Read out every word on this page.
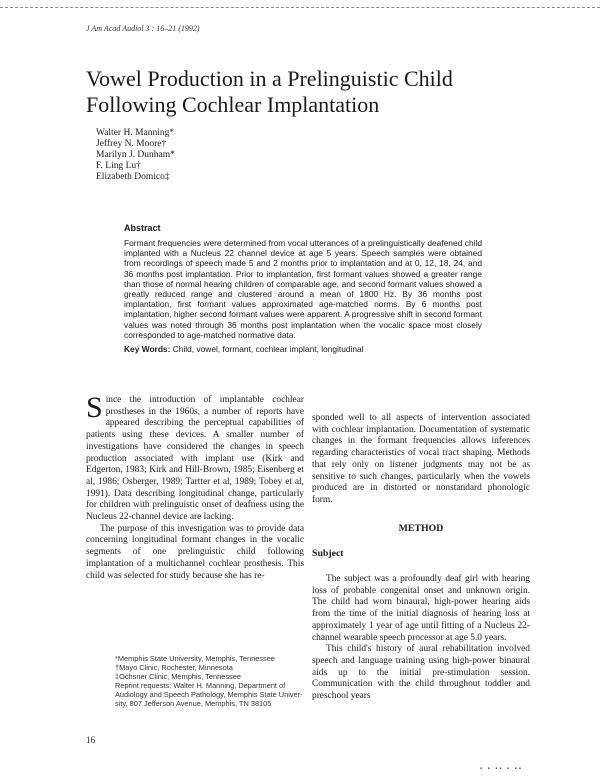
J Am Acad Audiol 3 : 16–21 (1992)
Vowel Production in a Prelinguistic Child Following Cochlear Implantation
Walter H. Manning*
Jeffrey N. Moore†
Marilyn J. Dunham*
F. Ling Lu†
Elizabeth Domico‡
Abstract
Formant frequencies were determined from vocal utterances of a prelinguistically deafened child implanted with a Nucleus 22 channel device at age 5 years. Speech samples were obtained from recordings of speech made 5 and 2 months prior to implantation and at 0, 12, 18, 24, and 36 months post implantation. Prior to implantation, first formant values showed a greater range than those of normal hearing children of comparable age, and second formant values showed a greatly reduced range and clustered around a mean of 1800 Hz. By 36 months post implantation, first formant values approximated age-matched norms. By 6 months post implantation, higher second formant values were apparent. A progressive shift in second formant values was noted through 36 months post implantation when the vocalic space most closely corresponded to age-matched normative data.
Key Words: Child, vowel, formant, cochlear implant, longitudinal

Since the introduction of implantable cochlear prostheses in the 1960s, a number of reports have appeared describing the perceptual capabilities of patients using these devices. A smaller number of investigations have considered the changes in speech production associated with implant use (Kirk and Edgerton, 1983; Kirk and Hill-Brown, 1985; Eisenberg et al, 1986; Osberger, 1989; Tartter et al, 1989; Tobey et al, 1991). Data describing longitudinal change, particularly for children with prelinguistic onset of deafness using the Nucleus 22-channel device are lacking.

The purpose of this investigation was to provide data concerning longitudinal formant changes in the vocalic segments of one prelinguistic child following implantation of a multichannel cochlear prosthesis. This child was selected for study because she has re-

sponded well to all aspects of intervention associated with cochlear implantation. Documentation of systematic changes in the formant frequencies allows inferences regarding characteristics of vocal tract shaping. Methods that rely only on listener judgments may not be as sensitive to such changes, particularly when the vowels produced are in distorted or nonstandard phonologic form.

METHOD
Subject

The subject was a profoundly deaf girl with hearing loss of probable congenital onset and unknown origin. The child had worn binaural, high-power hearing aids from the time of the initial diagnosis of hearing loss at approximately 1 year of age until fitting of a Nucleus 22-channel wearable speech processor at age 5.0 years.

This child's history of aural rehabilitation involved speech and language training using high-power binaural aids up to the initial pre-stimulation session. Communication with the child throughout toddler and preschool years

*Memphis State University, Memphis, Tennessee
†Mayo Clinic, Rochester, Minnesota
‡Ochsner Clinic, Memphis, Tennessee
Reprint requests: Walter H. Manning, Department of
Audiology and Speech Pathology, Memphis State Univer-
sity, 807 Jefferson Avenue, Memphis, TN 38105
16
▪ ▪ ▪▪ ▪ ▪▪
